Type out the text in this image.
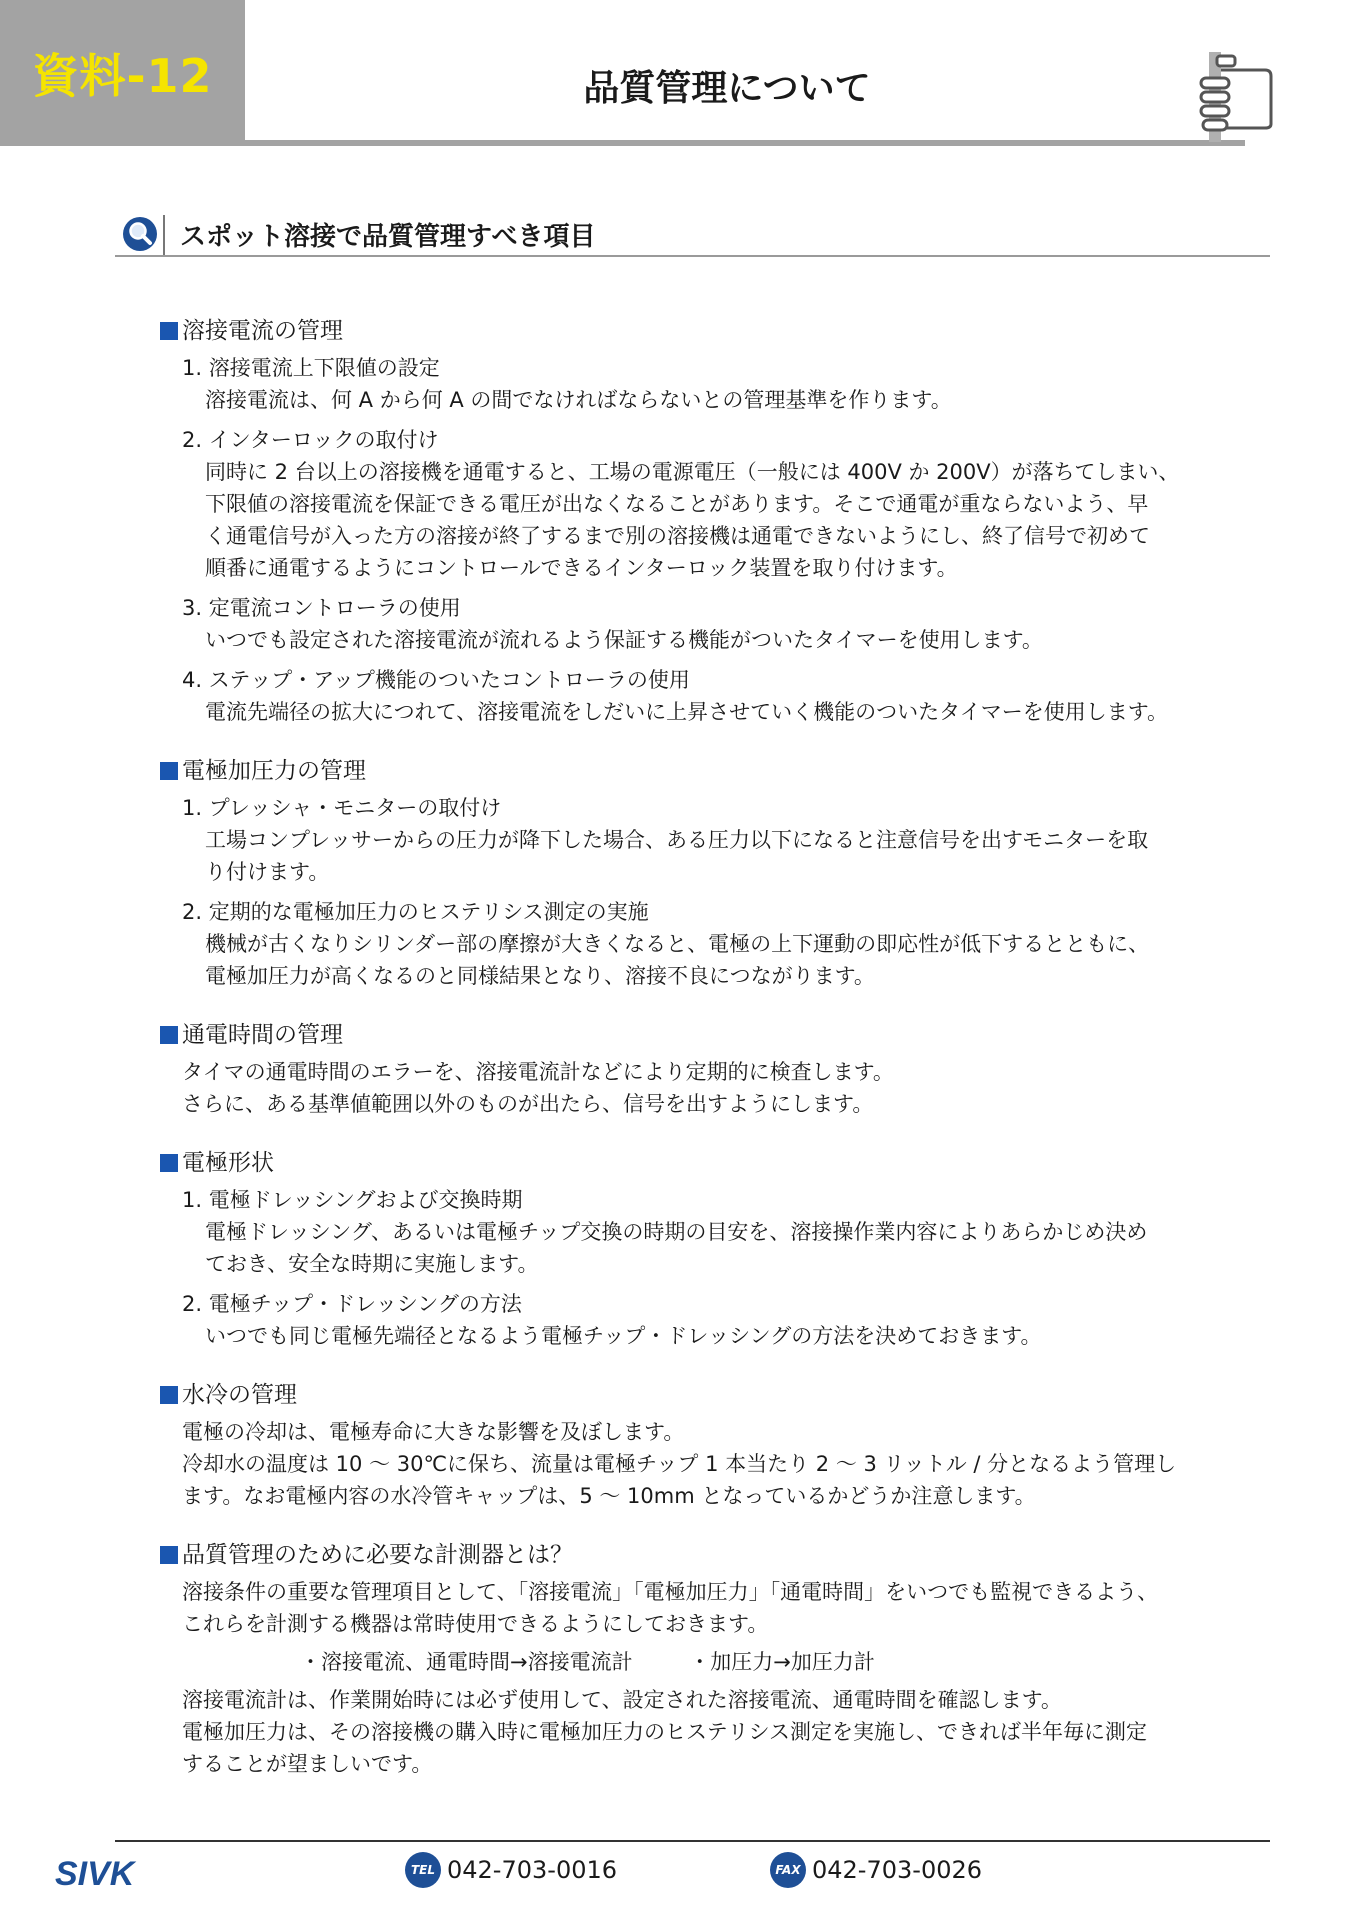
資料-12	品質管理について
スポット溶接で品質管理すべき項目
溶接電流の管理
1. 溶接電流上下限値の設定
溶接電流は、何 A から何 A の間でなければならないとの管理基準を作ります。
2. インターロックの取付け
同時に 2 台以上の溶接機を通電すると、工場の電源電圧（一般には 400V か 200V）が落ちてしまい、
下限値の溶接電流を保証できる電圧が出なくなることがあります。そこで通電が重ならないよう、早
く通電信号が入った方の溶接が終了するまで別の溶接機は通電できないようにし、終了信号で初めて
順番に通電するようにコントロールできるインターロック装置を取り付けます。
3. 定電流コントローラの使用
いつでも設定された溶接電流が流れるよう保証する機能がついたタイマーを使用します。
4. ステップ・アップ機能のついたコントローラの使用
電流先端径の拡大につれて、溶接電流をしだいに上昇させていく機能のついたタイマーを使用します。
電極加圧力の管理
1. プレッシャ・モニターの取付け
工場コンプレッサーからの圧力が降下した場合、ある圧力以下になると注意信号を出すモニターを取
り付けます。
2. 定期的な電極加圧力のヒステリシス測定の実施
機械が古くなりシリンダー部の摩擦が大きくなると、電極の上下運動の即応性が低下するとともに、
電極加圧力が高くなるのと同様結果となり、溶接不良につながります。
通電時間の管理
タイマの通電時間のエラーを、溶接電流計などにより定期的に検査します。
さらに、ある基準値範囲以外のものが出たら、信号を出すようにします。
電極形状
1. 電極ドレッシングおよび交換時期
電極ドレッシング、あるいは電極チップ交換の時期の目安を、溶接操作業内容によりあらかじめ決め
ておき、安全な時期に実施します。
2. 電極チップ・ドレッシングの方法
いつでも同じ電極先端径となるよう電極チップ・ドレッシングの方法を決めておきます。
水冷の管理
電極の冷却は、電極寿命に大きな影響を及ぼします。
冷却水の温度は 10 ～ 30℃に保ち、流量は電極チップ 1 本当たり 2 ～ 3 リットル / 分となるよう管理し
ます。なお電極内容の水冷管キャップは、5 ～ 10mm となっているかどうか注意します。
品質管理のために必要な計測器とは？
溶接条件の重要な管理項目として、「溶接電流」「電極加圧力」「通電時間」をいつでも監視できるよう、
これらを計測する機器は常時使用できるようにしておきます。
・溶接電流、通電時間→溶接電流計	・加圧力→加圧力計
溶接電流計は、作業開始時には必ず使用して、設定された溶接電流、通電時間を確認します。
電極加圧力は、その溶接機の購入時に電極加圧力のヒステリシス測定を実施し、できれば半年毎に測定
することが望ましいです。
SIVK	TEL 042-703-0016	FAX 042-703-0026
